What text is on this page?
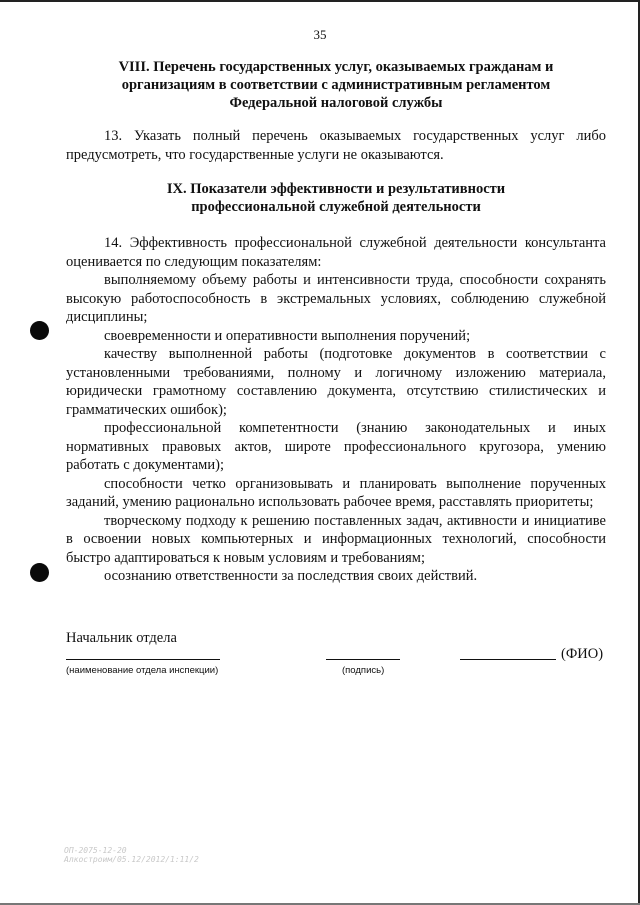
35
VIII. Перечень государственных услуг, оказываемых гражданам и
организациям в соответствии с административным регламентом
Федеральной налоговой службы

13. Указать полный перечень оказываемых государственных услуг либо предусмотреть, что государственные услуги не оказываются.

IX. Показатели эффективности и результативности
профессиональной служебной деятельности

14. Эффективность профессиональной служебной деятельности консультанта оценивается по следующим показателям:

выполняемому объему работы и интенсивности труда, способности сохранять высокую работоспособность в экстремальных условиях, соблюдению служебной дисциплины;

своевременности и оперативности выполнения поручений;

качеству выполненной работы (подготовке документов в соответствии с установленными требованиями, полному и логичному изложению материала, юридически грамотному составлению документа, отсутствию стилистических и грамматических ошибок);

профессиональной компетентности (знанию законодательных и иных нормативных правовых актов, широте профессионального кругозора, умению работать с документами);

способности четко организовывать и планировать выполнение порученных заданий, умению рационально использовать рабочее время, расставлять приоритеты;

творческому подходу к решению поставленных задач, активности и инициативе в освоении новых компьютерных и информационных технологий, способности быстро адаптироваться к новым условиям и требованиям;

осознанию ответственности за последствия своих действий.

Начальник отдела
(ФИО)
(наименование отдела инспекции)	(подпись)
ОП-2075-12-20
Алкостроим/05.12/2012/1:11/2
